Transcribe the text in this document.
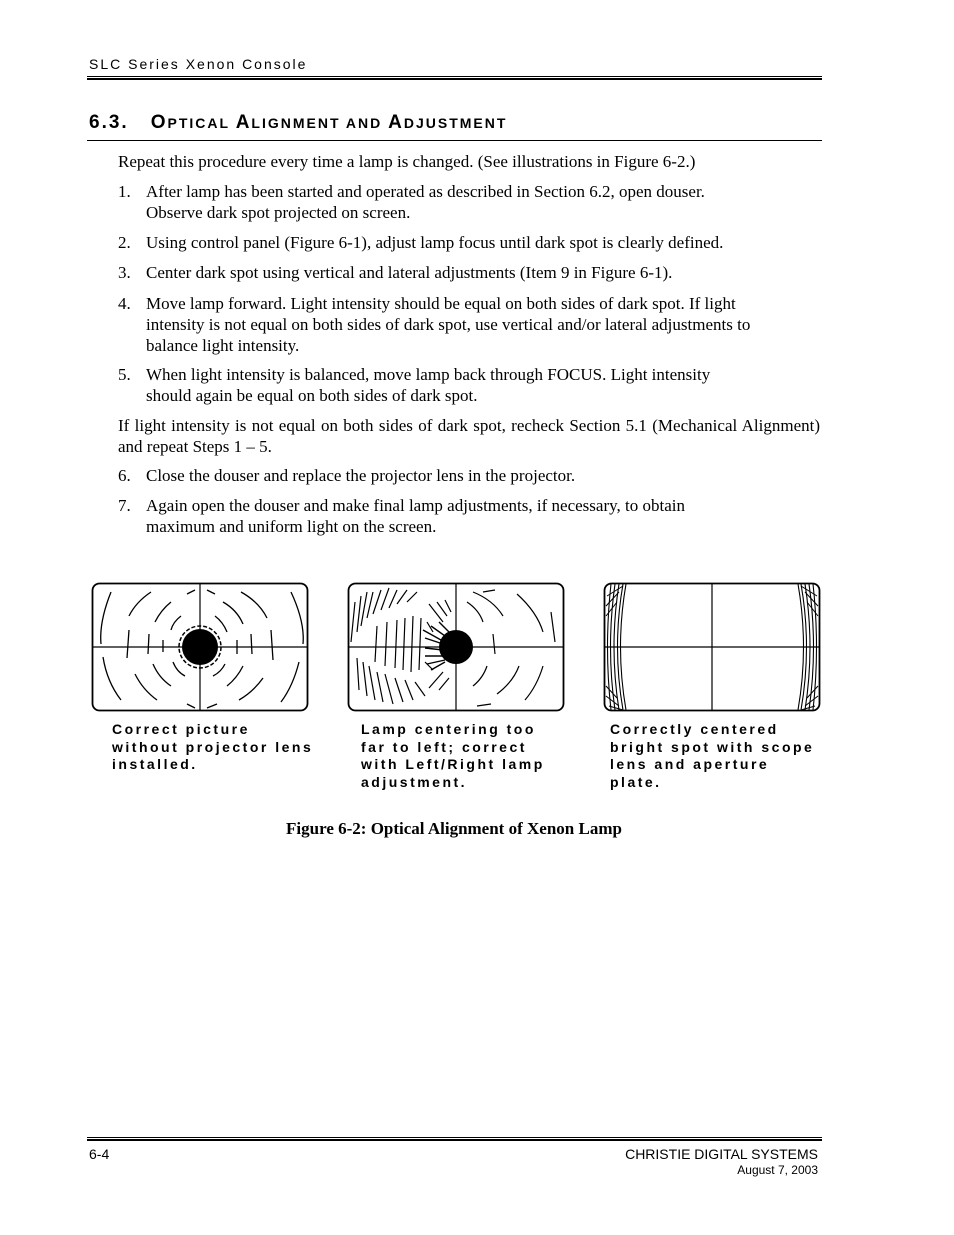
SLC Series Xenon Console
6.3. OPTICAL ALIGNMENT AND ADJUSTMENT

Repeat this procedure every time a lamp is changed. (See illustrations in Figure 6-2.)

1. After lamp has been started and operated as described in Section 6.2, open douser.
Observe dark spot projected on screen.
2. Using control panel (Figure 6-1), adjust lamp focus until dark spot is clearly defined.
3. Center dark spot using vertical and lateral adjustments (Item 9 in Figure 6-1).
4. Move lamp forward. Light intensity should be equal on both sides of dark spot. If light
intensity is not equal on both sides of dark spot, use vertical and/or lateral adjustments to
balance light intensity.
5. When light intensity is balanced, move lamp back through FOCUS. Light intensity
should again be equal on both sides of dark spot.

If light intensity is not equal on both sides of dark spot, recheck Section 5.1 (Mechanical Alignment) and repeat Steps 1 – 5.

6. Close the douser and replace the projector lens in the projector.
7. Again open the douser and make final lamp adjustments, if necessary, to obtain
maximum and uniform light on the screen.
Correct picture
without projector lens
installed.
Lamp centering too
far to left; correct
with Left/Right lamp
adjustment.
Correctly centered
bright spot with scope
lens and aperture
plate.
Figure 6-2: Optical Alignment of Xenon Lamp
6-4	CHRISTIE DIGITAL SYSTEMS
August 7, 2003
